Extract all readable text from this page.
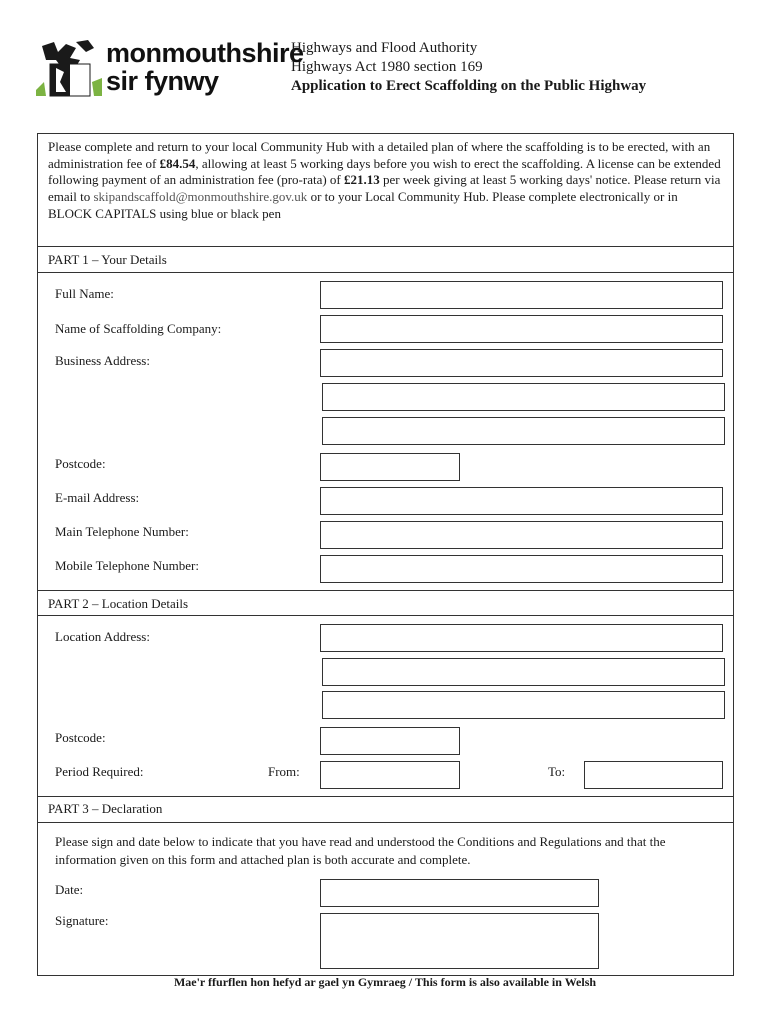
monmouthshire
sir fynwy
Highways and Flood Authority
Highways Act 1980 section 169
Application to Erect Scaffolding on the Public Highway
Please complete and return to your local Community Hub with a detailed plan of where the scaffolding is to be erected, with an administration fee of £84.54, allowing at least 5 working days before you wish to erect the scaffolding. A license can be extended following payment of an administration fee (pro-rata) of £21.13 per week giving at least 5 working days' notice. Please return via email to skipandscaffold@monmouthshire.gov.uk or to your Local Community Hub. Please complete electronically or in BLOCK CAPITALS using blue or black pen
PART 1 – Your Details
Full Name:
Name of Scaffolding Company:
Business Address:
Postcode:
E-mail Address:
Main Telephone Number:
Mobile Telephone Number:
PART 2 – Location Details
Location Address:
Postcode:
Period Required:	From:	To:
PART 3 – Declaration
Please sign and date below to indicate that you have read and understood the Conditions and Regulations and that the information given on this form and attached plan is both accurate and complete.
Date:
Signature:
Mae'r ffurflen hon hefyd ar gael yn Gymraeg / This form is also available in Welsh
